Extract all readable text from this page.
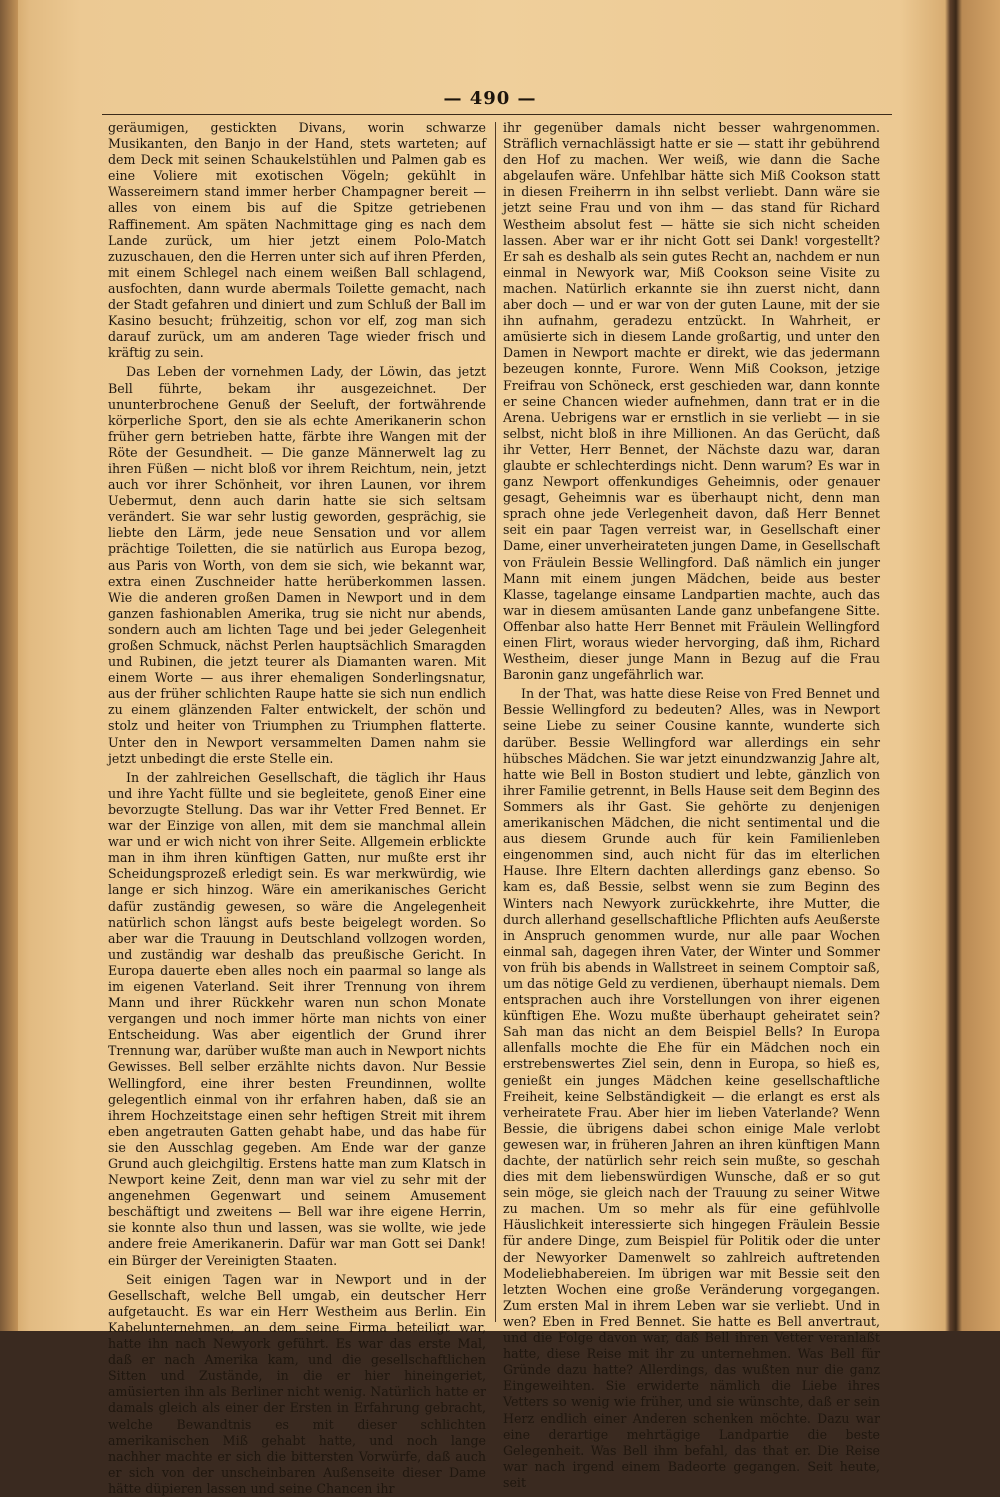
— 490 —

geräumigen, gestickten Divans, worin schwarze Musikanten, den Banjo in der Hand, stets warteten; auf dem Deck mit seinen Schaukelstühlen und Palmen gab es eine Voliere mit exotischen Vögeln; gekühlt in Wassereimern stand immer herber Champagner bereit — alles von einem bis auf die Spitze getriebenen Raffinement. Am späten Nachmittage ging es nach dem Lande zurück, um hier jetzt einem Polo-Match zuzuschauen, den die Herren unter sich auf ihren Pferden, mit einem Schlegel nach einem weißen Ball schlagend, ausfochten, dann wurde abermals Toilette gemacht, nach der Stadt gefahren und diniert und zum Schluß der Ball im Kasino besucht; frühzeitig, schon vor elf, zog man sich darauf zurück, um am anderen Tage wieder frisch und kräftig zu sein.

Das Leben der vornehmen Lady, der Löwin, das jetzt Bell führte, bekam ihr ausgezeichnet. Der ununterbrochene Genuß der Seeluft, der fortwährende körperliche Sport, den sie als echte Amerikanerin schon früher gern betrieben hatte, färbte ihre Wangen mit der Röte der Gesundheit. — Die ganze Männerwelt lag zu ihren Füßen — nicht bloß vor ihrem Reichtum, nein, jetzt auch vor ihrer Schönheit, vor ihren Launen, vor ihrem Uebermut, denn auch darin hatte sie sich seltsam verändert. Sie war sehr lustig geworden, gesprächig, sie liebte den Lärm, jede neue Sensation und vor allem prächtige Toiletten, die sie natürlich aus Europa bezog, aus Paris von Worth, von dem sie sich, wie bekannt war, extra einen Zuschneider hatte herüberkommen lassen. Wie die anderen großen Damen in Newport und in dem ganzen fashionablen Amerika, trug sie nicht nur abends, sondern auch am lichten Tage und bei jeder Gelegenheit großen Schmuck, nächst Perlen hauptsächlich Smaragden und Rubinen, die jetzt teurer als Diamanten waren. Mit einem Worte — aus ihrer ehemaligen Sonderlingsnatur, aus der früher schlichten Raupe hatte sie sich nun endlich zu einem glänzenden Falter entwickelt, der schön und stolz und heiter von Triumphen zu Triumphen flatterte. Unter den in Newport versammelten Damen nahm sie jetzt unbedingt die erste Stelle ein.

In der zahlreichen Gesellschaft, die täglich ihr Haus und ihre Yacht füllte und sie begleitete, genoß Einer eine bevorzugte Stellung. Das war ihr Vetter Fred Bennet. Er war der Einzige von allen, mit dem sie manchmal allein war und er wich nicht von ihrer Seite. Allgemein erblickte man in ihm ihren künftigen Gatten, nur mußte erst ihr Scheidungsprozeß erledigt sein. Es war merkwürdig, wie lange er sich hinzog. Wäre ein amerikanisches Gericht dafür zuständig gewesen, so wäre die Angelegenheit natürlich schon längst aufs beste beigelegt worden. So aber war die Trauung in Deutschland vollzogen worden, und zuständig war deshalb das preußische Gericht. In Europa dauerte eben alles noch ein paarmal so lange als im eigenen Vaterland. Seit ihrer Trennung von ihrem Mann und ihrer Rückkehr waren nun schon Monate vergangen und noch immer hörte man nichts von einer Entscheidung. Was aber eigentlich der Grund ihrer Trennung war, darüber wußte man auch in Newport nichts Gewisses. Bell selber erzählte nichts davon. Nur Bessie Wellingford, eine ihrer besten Freundinnen, wollte gelegentlich einmal von ihr erfahren haben, daß sie an ihrem Hochzeitstage einen sehr heftigen Streit mit ihrem eben angetrauten Gatten gehabt habe, und das habe für sie den Ausschlag gegeben. Am Ende war der ganze Grund auch gleichgiltig. Erstens hatte man zum Klatsch in Newport keine Zeit, denn man war viel zu sehr mit der angenehmen Gegenwart und seinem Amusement beschäftigt und zweitens — Bell war ihre eigene Herrin, sie konnte also thun und lassen, was sie wollte, wie jede andere freie Amerikanerin. Dafür war man Gott sei Dank! ein Bürger der Vereinigten Staaten.

Seit einigen Tagen war in Newport und in der Gesellschaft, welche Bell umgab, ein deutscher Herr aufgetaucht. Es war ein Herr Westheim aus Berlin. Ein Kabelunternehmen, an dem seine Firma beteiligt war, hatte ihn nach Newyork geführt. Es war das erste Mal, daß er nach Amerika kam, und die gesellschaftlichen Sitten und Zustände, in die er hier hineingeriet, amüsierten ihn als Berliner nicht wenig. Natürlich hatte er damals gleich als einer der Ersten in Erfahrung gebracht, welche Bewandtnis es mit dieser schlichten amerikanischen Miß gehabt hatte, und noch lange nachher machte er sich die bittersten Vorwürfe, daß auch er sich von der unscheinbaren Außenseite dieser Dame hätte düpieren lassen und seine Chancen ihr

ihr gegenüber damals nicht besser wahrgenommen. Sträflich vernachlässigt hatte er sie — statt ihr gebührend den Hof zu machen. Wer weiß, wie dann die Sache abgelaufen wäre. Unfehlbar hätte sich Miß Cookson statt in diesen Freiherrn in ihn selbst verliebt. Dann wäre sie jetzt seine Frau und von ihm — das stand für Richard Westheim absolut fest — hätte sie sich nicht scheiden lassen. Aber war er ihr nicht Gott sei Dank! vorgestellt? Er sah es deshalb als sein gutes Recht an, nachdem er nun einmal in Newyork war, Miß Cookson seine Visite zu machen. Natürlich erkannte sie ihn zuerst nicht, dann aber doch — und er war von der guten Laune, mit der sie ihn aufnahm, geradezu entzückt. In Wahrheit, er amüsierte sich in diesem Lande großartig, und unter den Damen in Newport machte er direkt, wie das jedermann bezeugen konnte, Furore. Wenn Miß Cookson, jetzige Freifrau von Schöneck, erst geschieden war, dann konnte er seine Chancen wieder aufnehmen, dann trat er in die Arena. Uebrigens war er ernstlich in sie verliebt — in sie selbst, nicht bloß in ihre Millionen. An das Gerücht, daß ihr Vetter, Herr Bennet, der Nächste dazu war, daran glaubte er schlechterdings nicht. Denn warum? Es war in ganz Newport offenkundiges Geheimnis, oder genauer gesagt, Geheimnis war es überhaupt nicht, denn man sprach ohne jede Verlegenheit davon, daß Herr Bennet seit ein paar Tagen verreist war, in Gesellschaft einer Dame, einer unverheirateten jungen Dame, in Gesellschaft von Fräulein Bessie Wellingford. Daß nämlich ein junger Mann mit einem jungen Mädchen, beide aus bester Klasse, tagelange einsame Landpartien machte, auch das war in diesem amüsanten Lande ganz unbefangene Sitte. Offenbar also hatte Herr Bennet mit Fräulein Wellingford einen Flirt, woraus wieder hervorging, daß ihm, Richard Westheim, dieser junge Mann in Bezug auf die Frau Baronin ganz ungefährlich war.

In der That, was hatte diese Reise von Fred Bennet und Bessie Wellingford zu bedeuten? Alles, was in Newport seine Liebe zu seiner Cousine kannte, wunderte sich darüber. Bessie Wellingford war allerdings ein sehr hübsches Mädchen. Sie war jetzt einundzwanzig Jahre alt, hatte wie Bell in Boston studiert und lebte, gänzlich von ihrer Familie getrennt, in Bells Hause seit dem Beginn des Sommers als ihr Gast. Sie gehörte zu denjenigen amerikanischen Mädchen, die nicht sentimental und die aus diesem Grunde auch für kein Familienleben eingenommen sind, auch nicht für das im elterlichen Hause. Ihre Eltern dachten allerdings ganz ebenso. So kam es, daß Bessie, selbst wenn sie zum Beginn des Winters nach Newyork zurückkehrte, ihre Mutter, die durch allerhand gesellschaftliche Pflichten aufs Aeußerste in Anspruch genommen wurde, nur alle paar Wochen einmal sah, dagegen ihren Vater, der Winter und Sommer von früh bis abends in Wallstreet in seinem Comptoir saß, um das nötige Geld zu verdienen, überhaupt niemals. Dem entsprachen auch ihre Vorstellungen von ihrer eigenen künftigen Ehe. Wozu mußte überhaupt geheiratet sein? Sah man das nicht an dem Beispiel Bells? In Europa allenfalls mochte die Ehe für ein Mädchen noch ein erstrebenswertes Ziel sein, denn in Europa, so hieß es, genießt ein junges Mädchen keine gesellschaftliche Freiheit, keine Selbständigkeit — die erlangt es erst als verheiratete Frau. Aber hier im lieben Vaterlande? Wenn Bessie, die übrigens dabei schon einige Male verlobt gewesen war, in früheren Jahren an ihren künftigen Mann dachte, der natürlich sehr reich sein mußte, so geschah dies mit dem liebenswürdigen Wunsche, daß er so gut sein möge, sie gleich nach der Trauung zu seiner Witwe zu machen. Um so mehr als für eine gefühlvolle Häuslichkeit interessierte sich hingegen Fräulein Bessie für andere Dinge, zum Beispiel für Politik oder die unter der Newyorker Damenwelt so zahlreich auftretenden Modeliebhabereien. Im übrigen war mit Bessie seit den letzten Wochen eine große Veränderung vorgegangen. Zum ersten Mal in ihrem Leben war sie verliebt. Und in wen? Eben in Fred Bennet. Sie hatte es Bell anvertraut, und die Folge davon war, daß Bell ihren Vetter veranlaßt hatte, diese Reise mit ihr zu unternehmen. Was Bell für Gründe dazu hatte? Allerdings, das wußten nur die ganz Eingeweihten. Sie erwiderte nämlich die Liebe ihres Vetters so wenig wie früher, und sie wünschte, daß er sein Herz endlich einer Anderen schenken möchte. Dazu war eine derartige mehrtägige Landpartie die beste Gelegenheit. Was Bell ihm befahl, das that er. Die Reise war nach irgend einem Badeorte gegangen. Seit heute, seit
